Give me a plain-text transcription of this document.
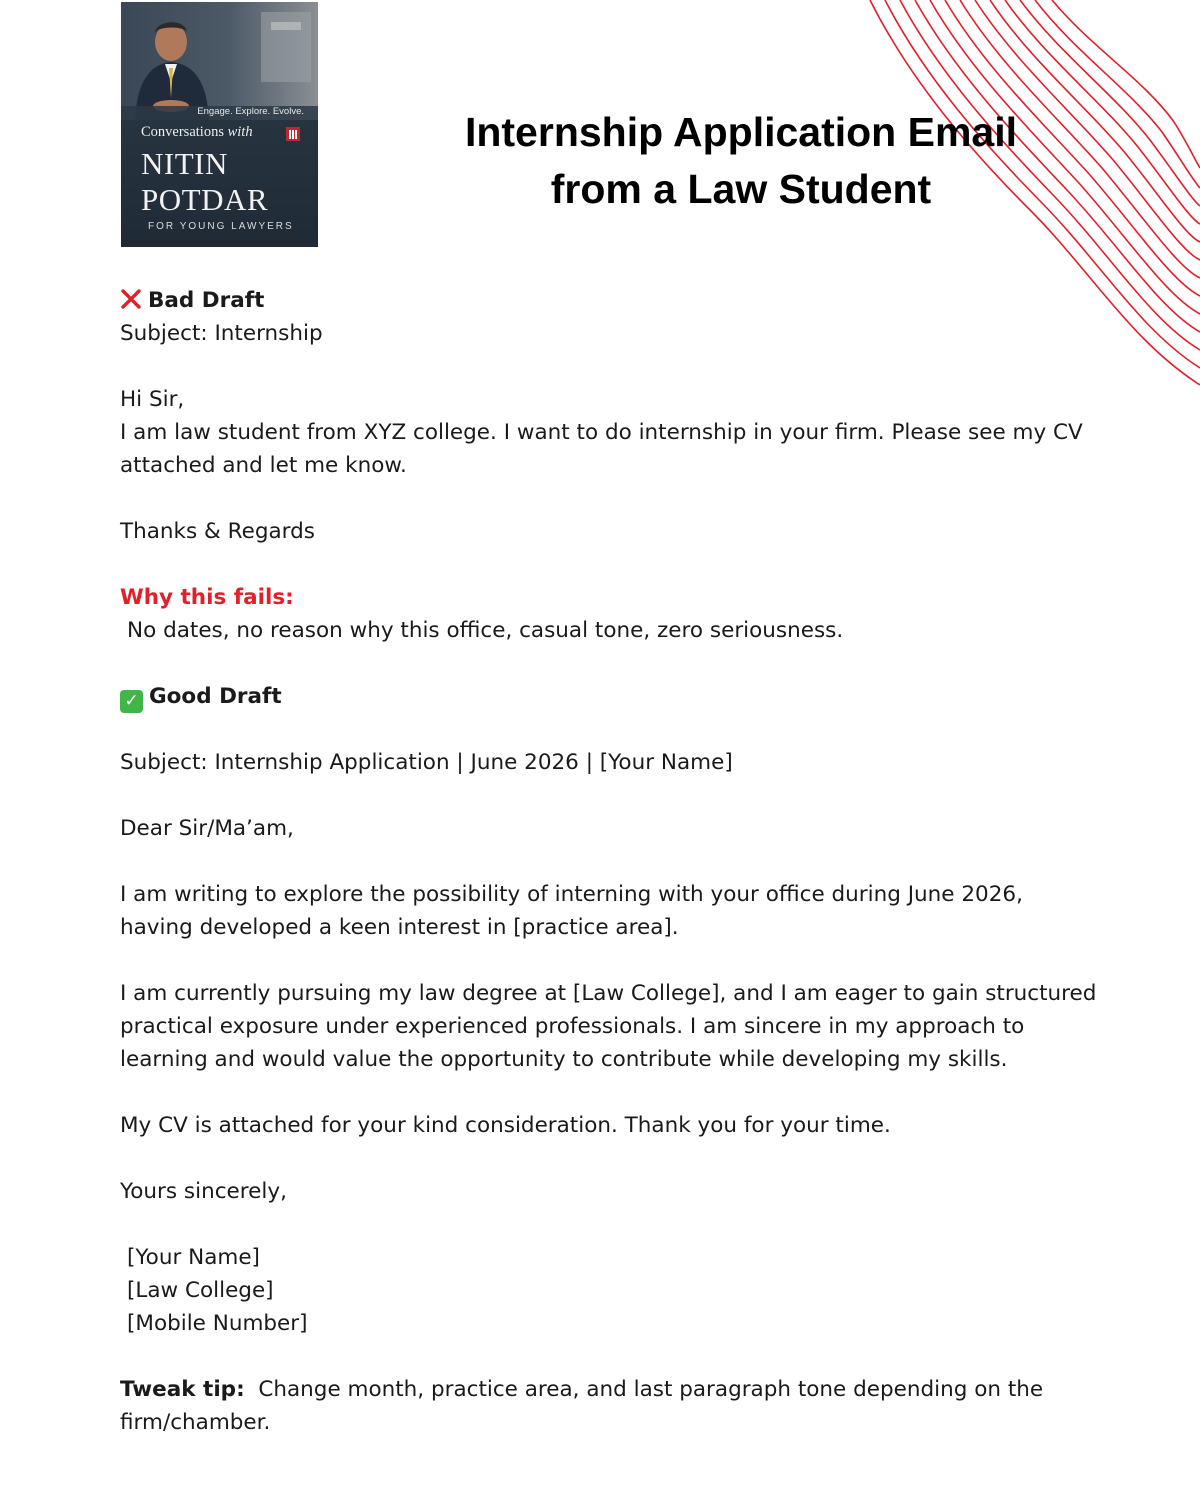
Engage. Explore. Evolve.
Conversations with
NITIN
POTDAR
FOR YOUNG LAWYERS
Internship Application Email
from a Law Student
Bad Draft
Subject: Internship
Hi Sir,
I am law student from XYZ college. I want to do internship in your firm. Please see my CV
attached and let me know.
Thanks & Regards
Why this fails:
No dates, no reason why this office, casual tone, zero seriousness.
✓ Good Draft
Subject: Internship Application | June 2026 | [Your Name]
Dear Sir/Ma’am,
I am writing to explore the possibility of interning with your office during June 2026,
having developed a keen interest in [practice area].
I am currently pursuing my law degree at [Law College], and I am eager to gain structured
practical exposure under experienced professionals. I am sincere in my approach to
learning and would value the opportunity to contribute while developing my skills.
My CV is attached for your kind consideration. Thank you for your time.
Yours sincerely,
[Your Name]
[Law College]
[Mobile Number]
Tweak tip: Change month, practice area, and last paragraph tone depending on the
firm/chamber.
